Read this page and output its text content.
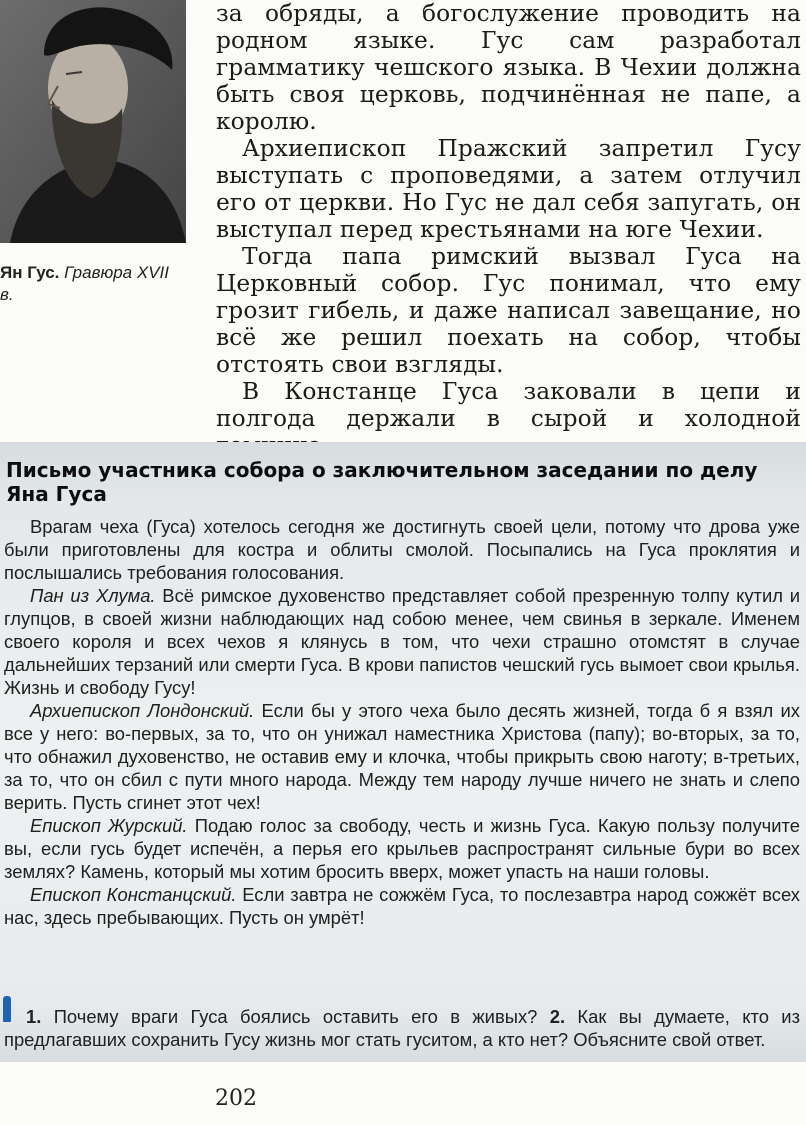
Ян Гус. Гравюра XVII в.

за обряды, а богослужение проводить на родном языке. Гус сам разработал грамматику чешского языка. В Чехии должна быть своя церковь, подчинённая не папе, а королю.

Архиепископ Пражский запретил Гусу выступать с проповедями, а затем отлучил его от церкви. Но Гус не дал себя запугать, он выступал перед крестьянами на юге Чехии.

Тогда папа римский вызвал Гуса на Церковный собор. Гус понимал, что ему грозит гибель, и даже написал завещание, но всё же решил поехать на собор, чтобы отстоять свои взгляды.

В Констанце Гуса заковали в цепи и полгода держали в сырой и холодной

Письмо участника собора о заключительном заседании по делу Яна Гуса

Врагам чеха (Гуса) хотелось сегодня же достигнуть своей цели, потому что дрова уже были приготовлены для костра и облиты смолой. Посыпались на Гуса проклятия и послышались требования голосования.

Пан из Хлума. Всё римское духовенство представляет собой презренную толпу кутил и глупцов, в своей жизни наблюдающих над собою менее, чем свинья в зеркале. Именем своего короля и всех чехов я клянусь в том, что чехи страшно отомстят в случае дальнейших терзаний или смерти Гуса. В крови папистов чешский гусь вымоет свои крылья. Жизнь и свободу Гусу!

Архиепископ Лондонский. Если бы у этого чеха было десять жизней, тогда б я взял их все у него: во-первых, за то, что он унижал наместника Христова (папу); во-вторых, за то, что обнажил духовенство, не оставив ему и клочка, чтобы прикрыть свою наготу; в-третьих, за то, что он сбил с пути много народа. Между тем народу лучше ничего не знать и слепо верить. Пусть сгинет этот чех!

Епископ Журский. Подаю голос за свободу, честь и жизнь Гуса. Какую пользу получите вы, если гусь будет испечён, а перья его крыльев распространят сильные бури во всех землях? Камень, который мы хотим бросить вверх, может упасть на наши головы.

Епископ Констанцский. Если завтра не сожжём Гуса, то послезавтра народ сожжёт всех нас, здесь пребывающих. Пусть он умрёт!

1. Почему враги Гуса боялись оставить его в живых? 2. Как вы думаете, кто из предлагавших сохранить Гусу жизнь мог стать гуситом, а кто нет? Объясните свой ответ.

202
